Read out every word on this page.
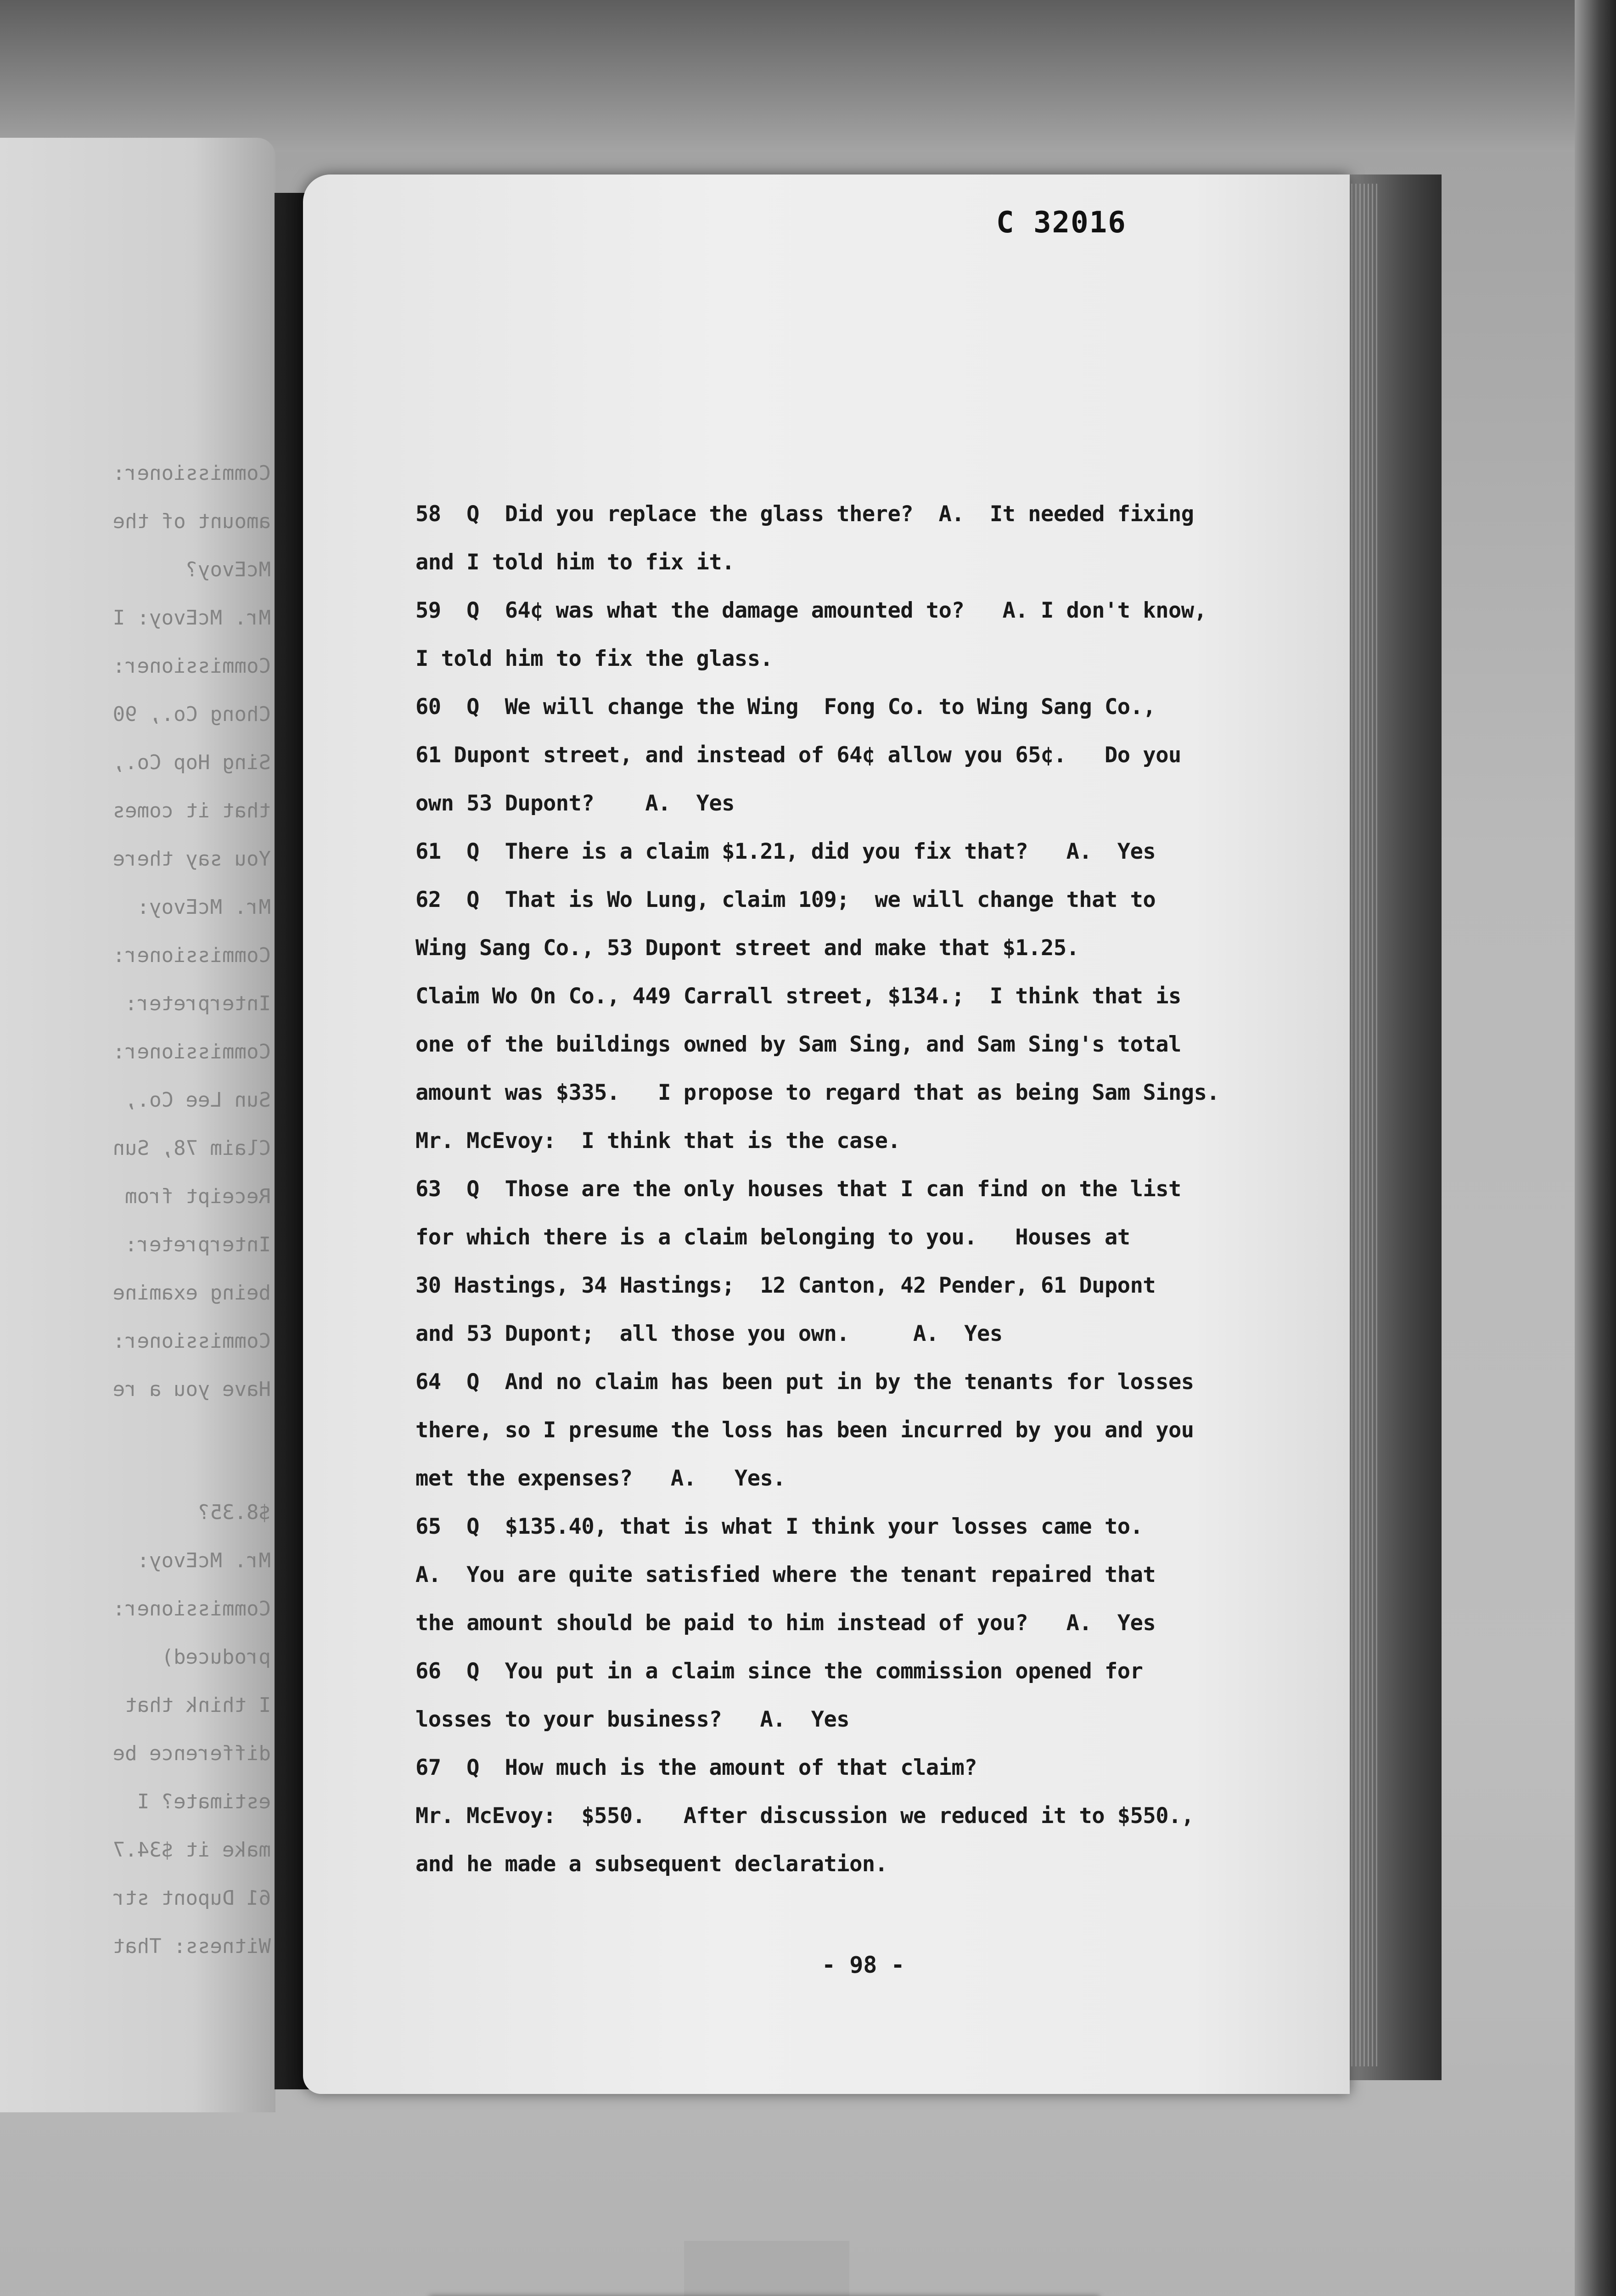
Commissioner:
amount of the
McEvoy?
Mr. McEvoy: I
Commissioner:
Chong Co., 90
Sing Hop Co.,
that it comes
You say there
Mr. McEvoy:
Commissioner:
Interpreter:
Commissioner:
Sun Lee Co.,
Claim 78, Sun
Receipt from
Interpreter:
being examine
Commissioner:
Have you a re
$8.35?
Mr. McEvoy:
Commissioner:
produced)
I think that
difference be
estimate? I
make it $34.7
61 Dupont str
Witness: That
C 32016
58  Q  Did you replace the glass there?  A.  It needed fixing
and I told him to fix it.
59  Q  64¢ was what the damage amounted to?   A. I don't know,
I told him to fix the glass.
60  Q  We will change the Wing  Fong Co. to Wing Sang Co.,
61 Dupont street, and instead of 64¢ allow you 65¢.   Do you
own 53 Dupont?    A.  Yes
61  Q  There is a claim $1.21, did you fix that?   A.  Yes
62  Q  That is Wo Lung, claim 109;  we will change that to
Wing Sang Co., 53 Dupont street and make that $1.25.
Claim Wo On Co., 449 Carrall street, $134.;  I think that is
one of the buildings owned by Sam Sing, and Sam Sing's total
amount was $335.   I propose to regard that as being Sam Sings.
Mr. McEvoy:  I think that is the case.
63  Q  Those are the only houses that I can find on the list
for which there is a claim belonging to you.   Houses at
30 Hastings, 34 Hastings;  12 Canton, 42 Pender, 61 Dupont
and 53 Dupont;  all those you own.     A.  Yes
64  Q  And no claim has been put in by the tenants for losses
there, so I presume the loss has been incurred by you and you
met the expenses?   A.   Yes.
65  Q  $135.40, that is what I think your losses came to.
A.  You are quite satisfied where the tenant repaired that
the amount should be paid to him instead of you?   A.  Yes
66  Q  You put in a claim since the commission opened for
losses to your business?   A.  Yes
67  Q  How much is the amount of that claim?
Mr. McEvoy:  $550.   After discussion we reduced it to $550.,
and he made a subsequent declaration.
- 98 -
